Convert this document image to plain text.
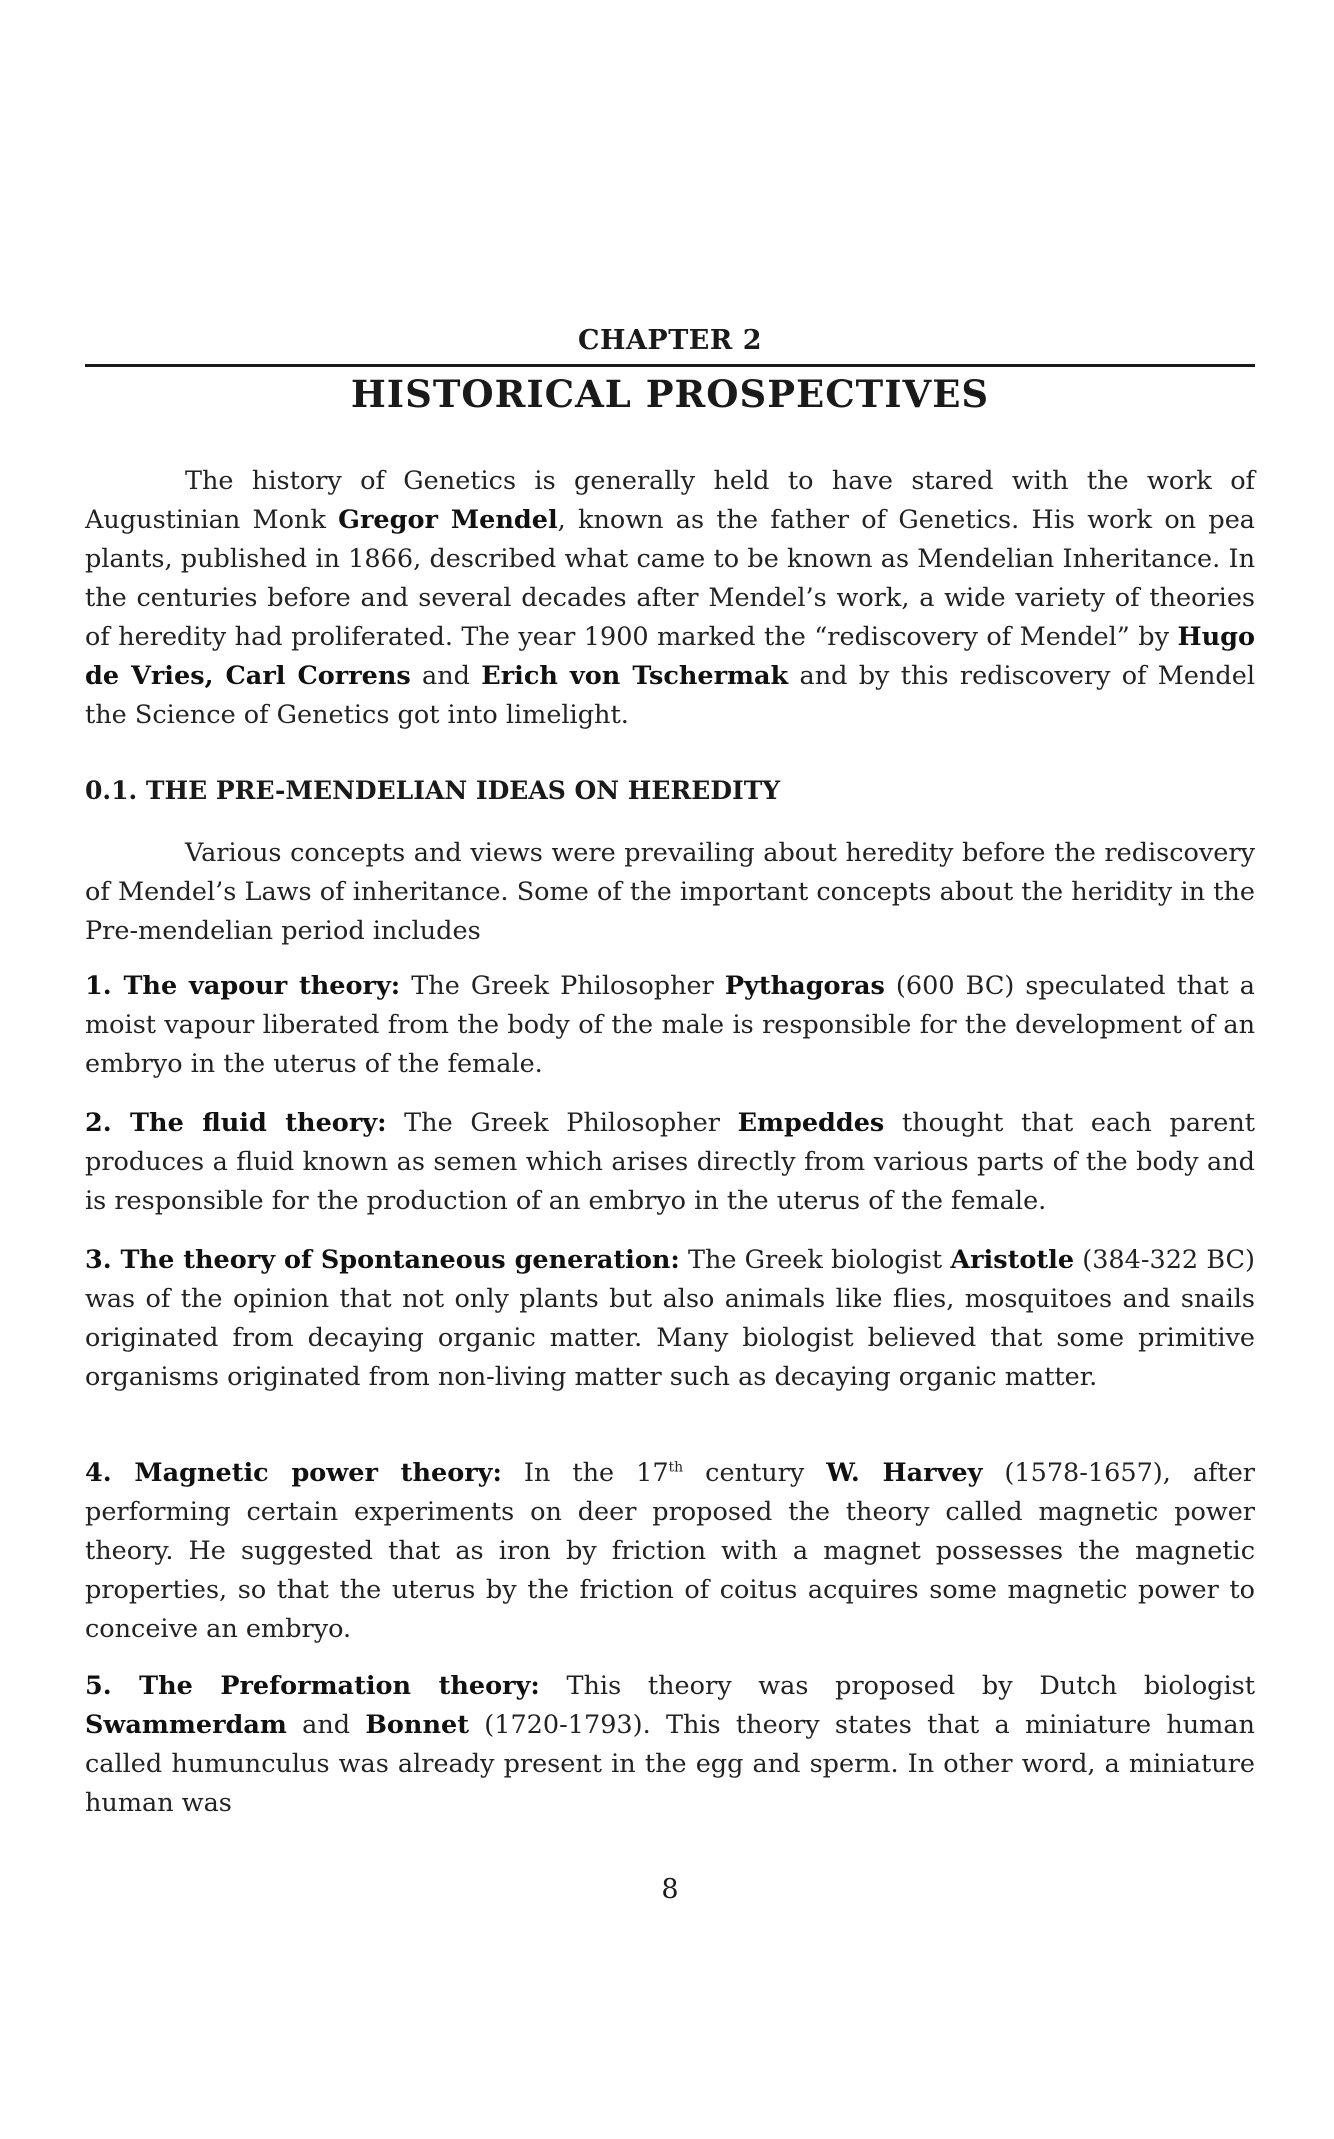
CHAPTER 2
HISTORICAL PROSPECTIVES

The history of Genetics is generally held to have stared with the work of Augustinian Monk Gregor Mendel, known as the father of Genetics. His work on pea plants, published in 1866, described what came to be known as Mendelian Inheritance. In the centuries before and several decades after Mendel’s work, a wide variety of theories of heredity had proliferated. The year 1900 marked the “rediscovery of Mendel” by Hugo de Vries, Carl Correns and Erich von Tschermak and by this rediscovery of Mendel the Science of Genetics got into limelight.

0.1. THE PRE-MENDELIAN IDEAS ON HEREDITY

Various concepts and views were prevailing about heredity before the rediscovery of Mendel’s Laws of inheritance. Some of the important concepts about the heridity in the Pre-mendelian period includes

1. The vapour theory: The Greek Philosopher Pythagoras (600 BC) speculated that a moist vapour liberated from the body of the male is responsible for the development of an embryo in the uterus of the female.

2. The fluid theory: The Greek Philosopher Empeddes thought that each parent produces a fluid known as semen which arises directly from various parts of the body and is responsible for the production of an embryo in the uterus of the female.

3. The theory of Spontaneous generation: The Greek biologist Aristotle (384-322 BC) was of the opinion that not only plants but also animals like flies, mosquitoes and snails originated from decaying organic matter. Many biologist believed that some primitive organisms originated from non-living matter such as decaying organic matter.

4. Magnetic power theory: In the 17th century W. Harvey (1578-1657), after performing certain experiments on deer proposed the theory called magnetic power theory. He suggested that as iron by friction with a magnet possesses the magnetic properties, so that the uterus by the friction of coitus acquires some magnetic power to conceive an embryo.

5. The Preformation theory: This theory was proposed by Dutch biologist Swammerdam and Bonnet (1720-1793). This theory states that a miniature human called humunculus was already present in the egg and sperm. In other word, a miniature human was

8
